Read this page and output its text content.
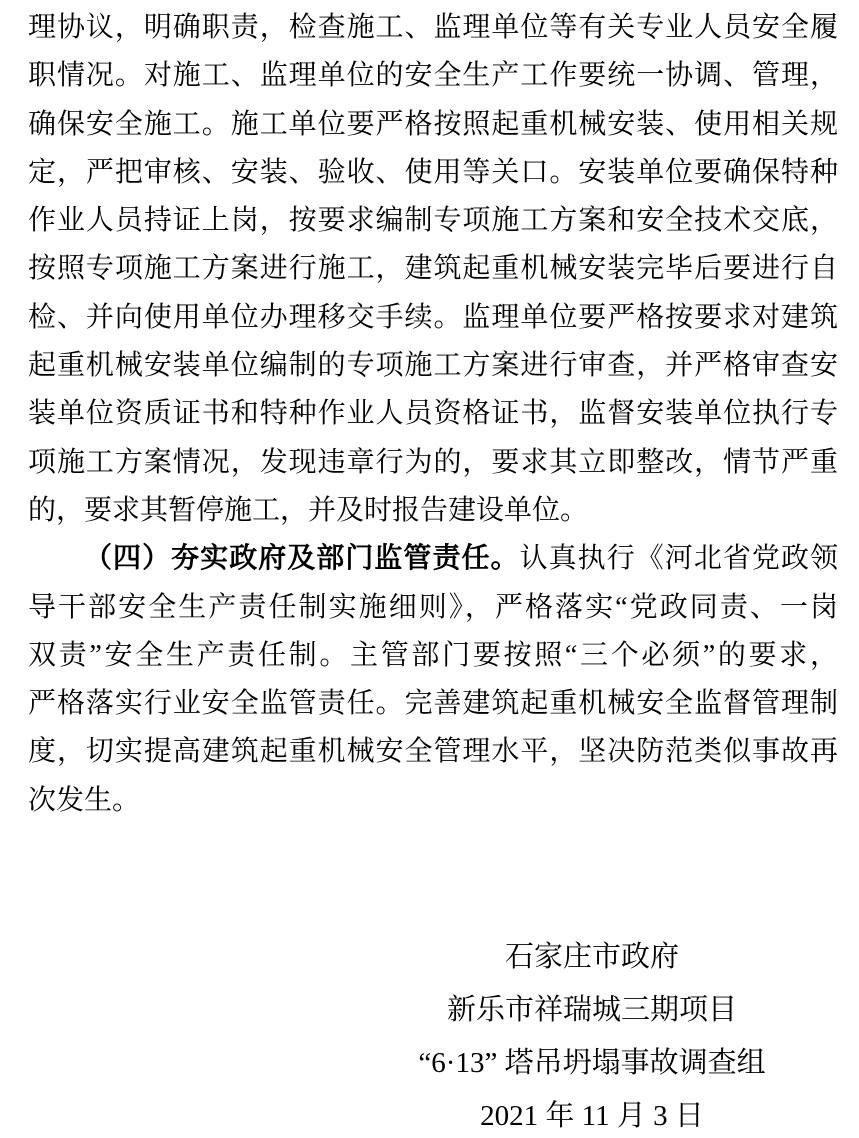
理协议，明确职责，检查施工、监理单位等有关专业人员安全履
职情况。对施工、监理单位的安全生产工作要统一协调、管理，
确保安全施工。施工单位要严格按照起重机械安装、使用相关规
定，严把审核、安装、验收、使用等关口。安装单位要确保特种
作业人员持证上岗，按要求编制专项施工方案和安全技术交底，
按照专项施工方案进行施工，建筑起重机械安装完毕后要进行自
检、并向使用单位办理移交手续。监理单位要严格按要求对建筑
起重机械安装单位编制的专项施工方案进行审查，并严格审查安
装单位资质证书和特种作业人员资格证书，监督安装单位执行专
项施工方案情况，发现违章行为的，要求其立即整改，情节严重
的，要求其暂停施工，并及时报告建设单位。
（四）夯实政府及部门监管责任。认真执行《河北省党政领
导干部安全生产责任制实施细则》，严格落实“党政同责、一岗
双责”安全生产责任制。主管部门要按照“三个必须”的要求，
严格落实行业安全监管责任。完善建筑起重机械安全监督管理制
度，切实提高建筑起重机械安全管理水平，坚决防范类似事故再
次发生。
石家庄市政府
新乐市祥瑞城三期项目
“6·13” 塔吊坍塌事故调查组
2021 年 11 月 3 日
